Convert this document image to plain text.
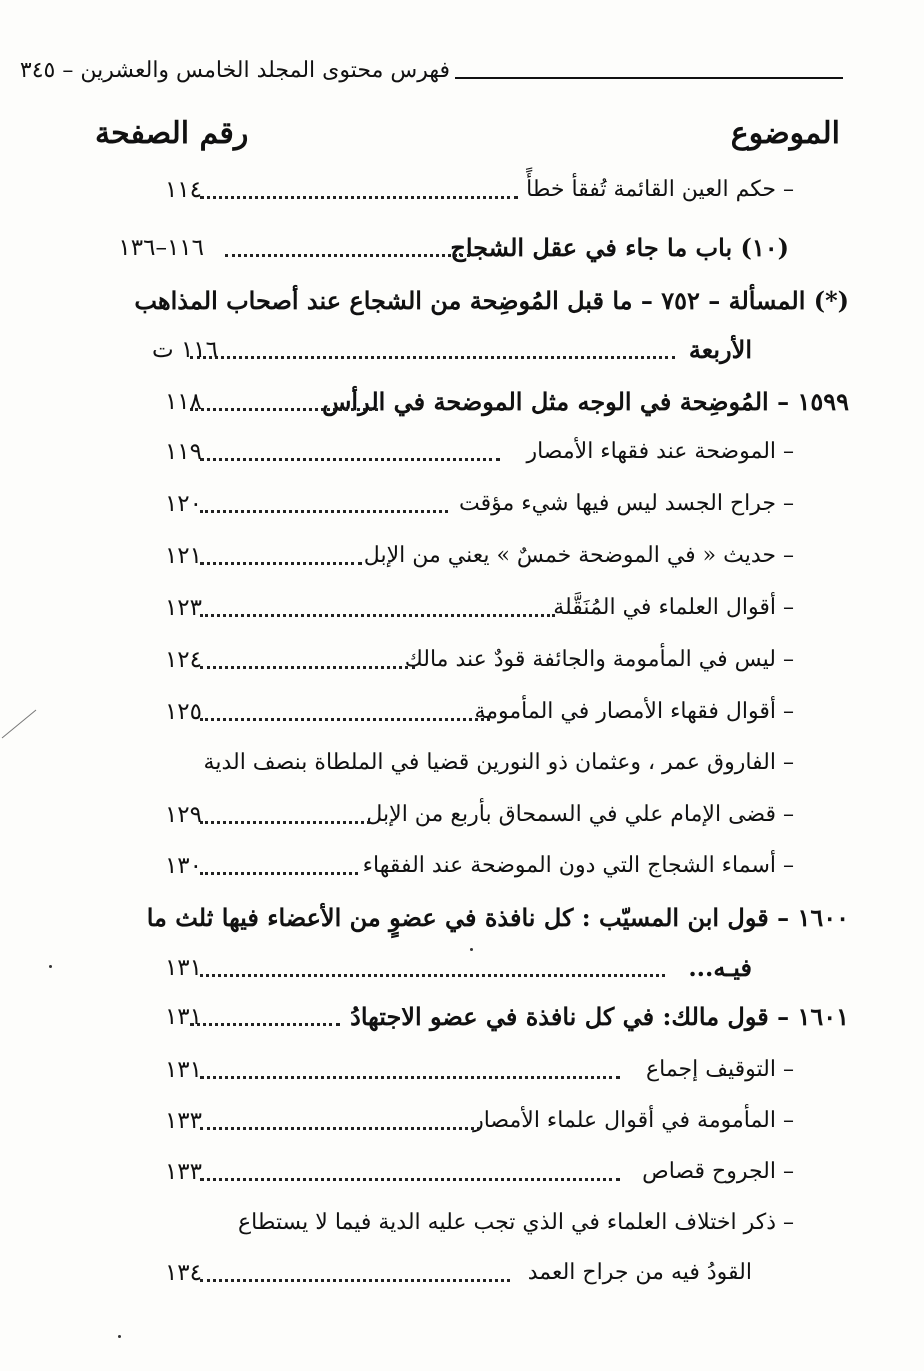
فهرس محتوى المجلد الخامس والعشرين – ٣٤٥
الموضوع
رقم الصفحة
– حكم العين القائمة تُفقأ خطأً
١١٤
(١٠) باب ما جاء في عقل الشجاج
١١٦–١٣٦
(*) المسألة – ٧٥٢ – ما قبل المُوضِحة من الشجاع عند أصحاب المذاهب
الأربعة
١١٦ ت
١٥٩٩ – المُوضِحة في الوجه مثل الموضحة في الرأس
١١٨
– الموضحة عند فقهاء الأمصار
١١٩
– جراح الجسد ليس فيها شيء مؤقت
١٢٠
– حديث « في الموضحة خمسٌ » يعني من الإبل
١٢١
– أقوال العلماء في المُنَقَّلة
١٢٣
– ليس في المأمومة والجائفة قودٌ عند مالك
١٢٤
– أقوال فقهاء الأمصار في المأمومة
١٢٥
– الفاروق عمر ، وعثمان ذو النورين قضيا في الملطاة بنصف الدية
– قضى الإمام علي في السمحاق بأربع من الإبل
١٢٩
– أسماء الشجاج التي دون الموضحة عند الفقهاء
١٣٠
١٦٠٠ – قول ابن المسيّب : كل نافذة في عضوٍ من الأعضاء فيها ثلث ما
فيـه...
١٣١
١٦٠١ – قول مالك: في كل نافذة في عضو الاجتهادُ
١٣١
– التوقيف إجماع
١٣١
– المأمومة في أقوال علماء الأمصار
١٣٣
– الجروح قصاص
١٣٣
– ذكر اختلاف العلماء في الذي تجب عليه الدية فيما لا يستطاع
القودُ فيه من جراح العمد
١٣٤
